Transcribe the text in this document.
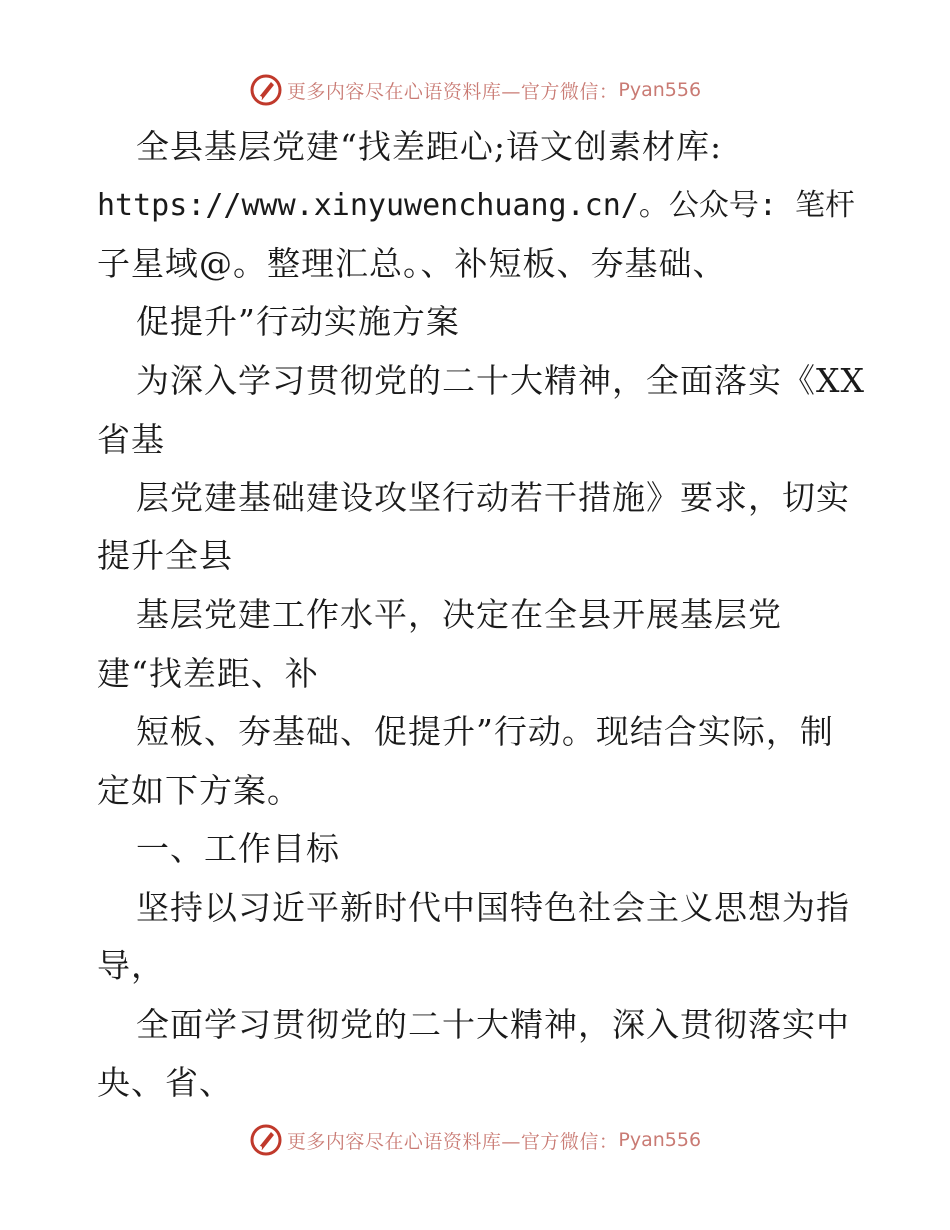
更多内容尽在心语资料库—官方微信： Pyan556
全县基层党建“找差距心;语文创素材库:
https://www.xinyuwenchuang.cn/。公众号: 笔杆
子星域@。整理汇总。、补短板、夯基础、
促提升”行动实施方案
为深入学习贯彻党的二十大精神，全面落实《XX
省基
层党建基础建设攻坚行动若干措施》要求，切实
提升全县
基层党建工作水平，决定在全县开展基层党
建“找差距、补
短板、夯基础、促提升”行动。现结合实际，制
定如下方案。
一、工作目标
坚持以习近平新时代中国特色社会主义思想为指
导，
全面学习贯彻党的二十大精神，深入贯彻落实中
央、省、
更多内容尽在心语资料库—官方微信： Pyan556
